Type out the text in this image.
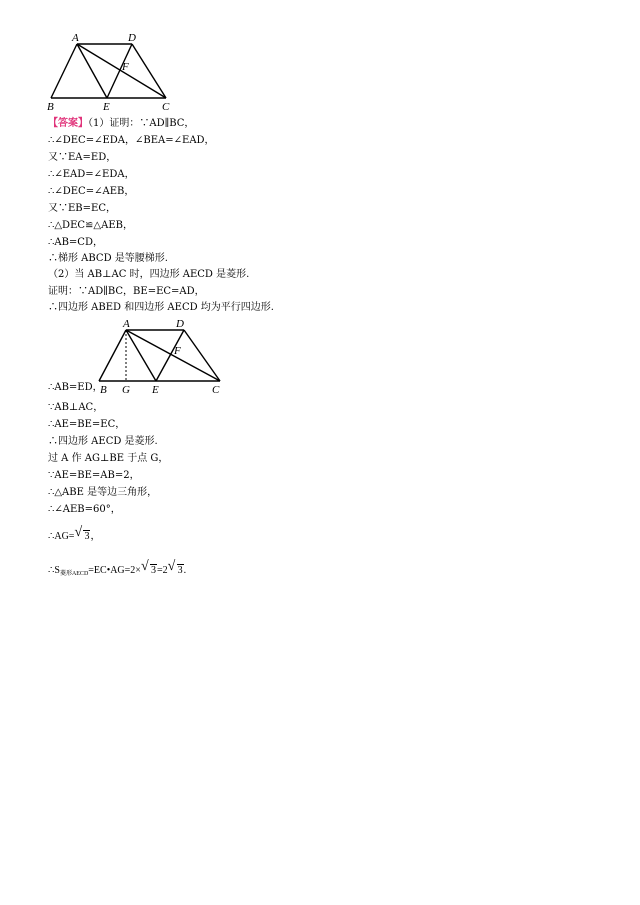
A	D
F
B	E	C
【答案】（1）证明：∵AD∥BC，
∴∠DEC=∠EDA，∠BEA=∠EAD，
又∵EA=ED，
∴∠EAD=∠EDA，
∴∠DEC=∠AEB，
又∵EB=EC，
∴△DEC≌△AEB，
∴AB=CD，
∴梯形 ABCD 是等腰梯形.
（2）当 AB⊥AC 时，四边形 AECD 是菱形.
证明：∵AD∥BC，BE=EC=AD，
∴四边形 ABED 和四边形 AECD 均为平行四边形.
A	D
F
B G E	C
∴AB=ED，
∵AB⊥AC，
∴AE=BE=EC，
∴四边形 AECD 是菱形.
过 A 作 AG⊥BE 于点 G，
∵AE=BE=AB=2，
∴△ABE 是等边三角形，
∴∠AEB=60°，
∴AG= √ 3，
$\therefore S_{菱形AECD}=EC•AG=2\times$ √ 3=2 √ 3.
